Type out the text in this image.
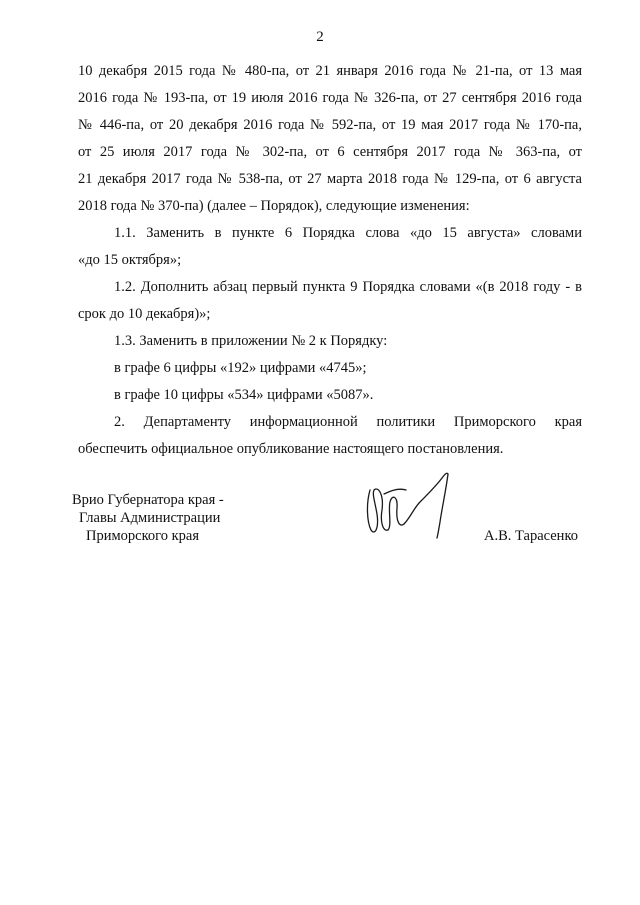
2
10 декабря 2015 года № 480-па, от 21 января 2016 года № 21-па, от 13 мая
2016 года № 193-па, от 19 июля 2016 года № 326-па, от 27 сентября 2016 года
№ 446-па, от 20 декабря 2016 года № 592-па, от 19 мая 2017 года № 170-па,
от 25 июля 2017 года № 302-па, от 6 сентября 2017 года № 363-па, от
21 декабря 2017 года № 538-па, от 27 марта 2018 года № 129-па, от 6 августа
2018 года № 370-па) (далее – Порядок), следующие изменения:
1.1. Заменить в пункте 6 Порядка слова «до 15 августа» словами
«до 15 октября»;
1.2. Дополнить абзац первый пункта 9 Порядка словами «(в 2018 году - в
срок до 10 декабря)»;
1.3. Заменить в приложении № 2 к Порядку:
в графе 6 цифры «192» цифрами «4745»;
в графе 10 цифры «534» цифрами «5087».
2. Департаменту информационной политики Приморского края
обеспечить официальное опубликование настоящего постановления.
Врио Губернатора края -
Главы Администрации
Приморского края	А.В. Тарасенко
